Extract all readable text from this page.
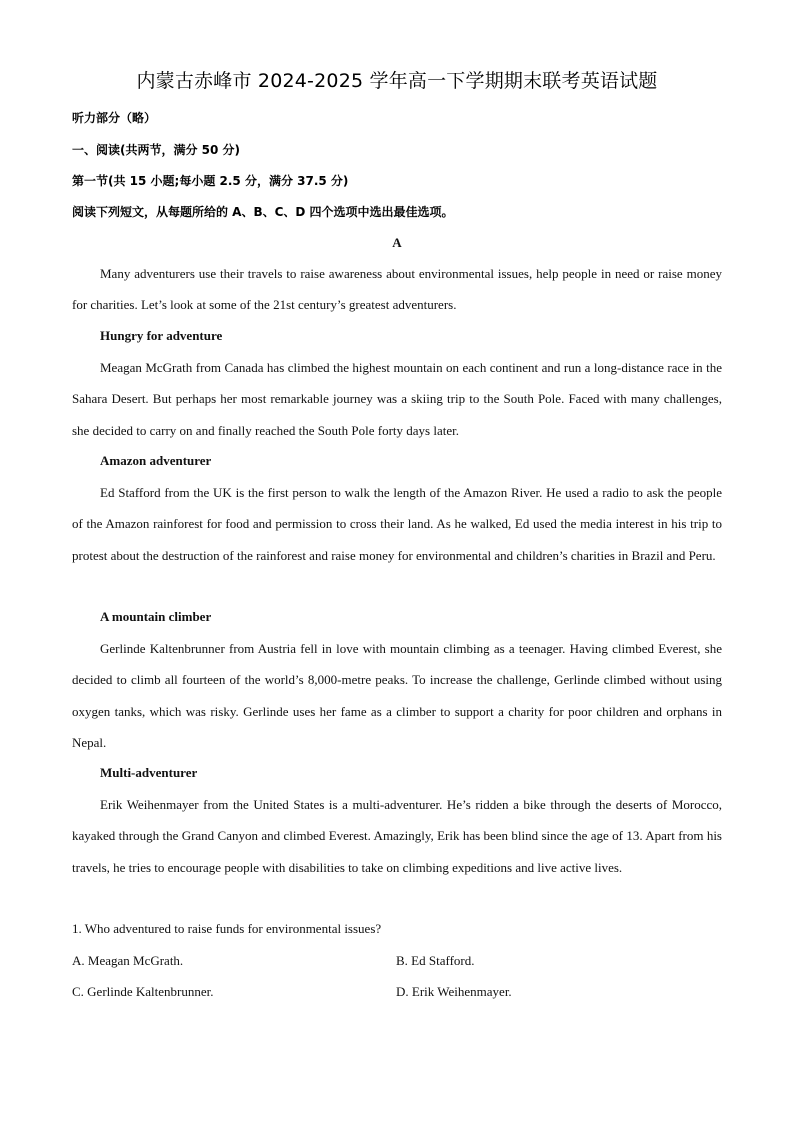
内蒙古赤峰市 2024-2025 学年高一下学期期末联考英语试题
听力部分（略）
一、阅读(共两节，满分 50 分)
第一节(共 15 小题;每小题 2.5 分，满分 37.5 分)
阅读下列短文，从每题所给的 A、B、C、D 四个选项中选出最佳选项。
A

Many adventurers use their travels to raise awareness about environmental issues, help people in need or raise money for charities. Let’s look at some of the 21st century’s greatest adventurers.

Hungry for adventure

Meagan McGrath from Canada has climbed the highest mountain on each continent and run a long-distance race in the Sahara Desert. But perhaps her most remarkable journey was a skiing trip to the South Pole. Faced with many challenges, she decided to carry on and finally reached the South Pole forty days later.

Amazon adventurer

Ed Stafford from the UK is the first person to walk the length of the Amazon River. He used a radio to ask the people of the Amazon rainforest for food and permission to cross their land. As he walked, Ed used the media interest in his trip to protest about the destruction of the rainforest and raise money for environmental and children’s charities in Brazil and Peru.

A mountain climber

Gerlinde Kaltenbrunner from Austria fell in love with mountain climbing as a teenager. Having climbed Everest, she decided to climb all fourteen of the world’s 8,000-metre peaks. To increase the challenge, Gerlinde climbed without using oxygen tanks, which was risky. Gerlinde uses her fame as a climber to support a charity for poor children and orphans in Nepal.

Multi-adventurer

Erik Weihenmayer from the United States is a multi-adventurer. He’s ridden a bike through the deserts of Morocco, kayaked through the Grand Canyon and climbed Everest. Amazingly, Erik has been blind since the age of 13. Apart from his travels, he tries to encourage people with disabilities to take on climbing expeditions and live active lives.

1. Who adventured to raise funds for environmental issues?
A. Meagan McGrath.	B. Ed Stafford.
C. Gerlinde Kaltenbrunner.	D. Erik Weihenmayer.
